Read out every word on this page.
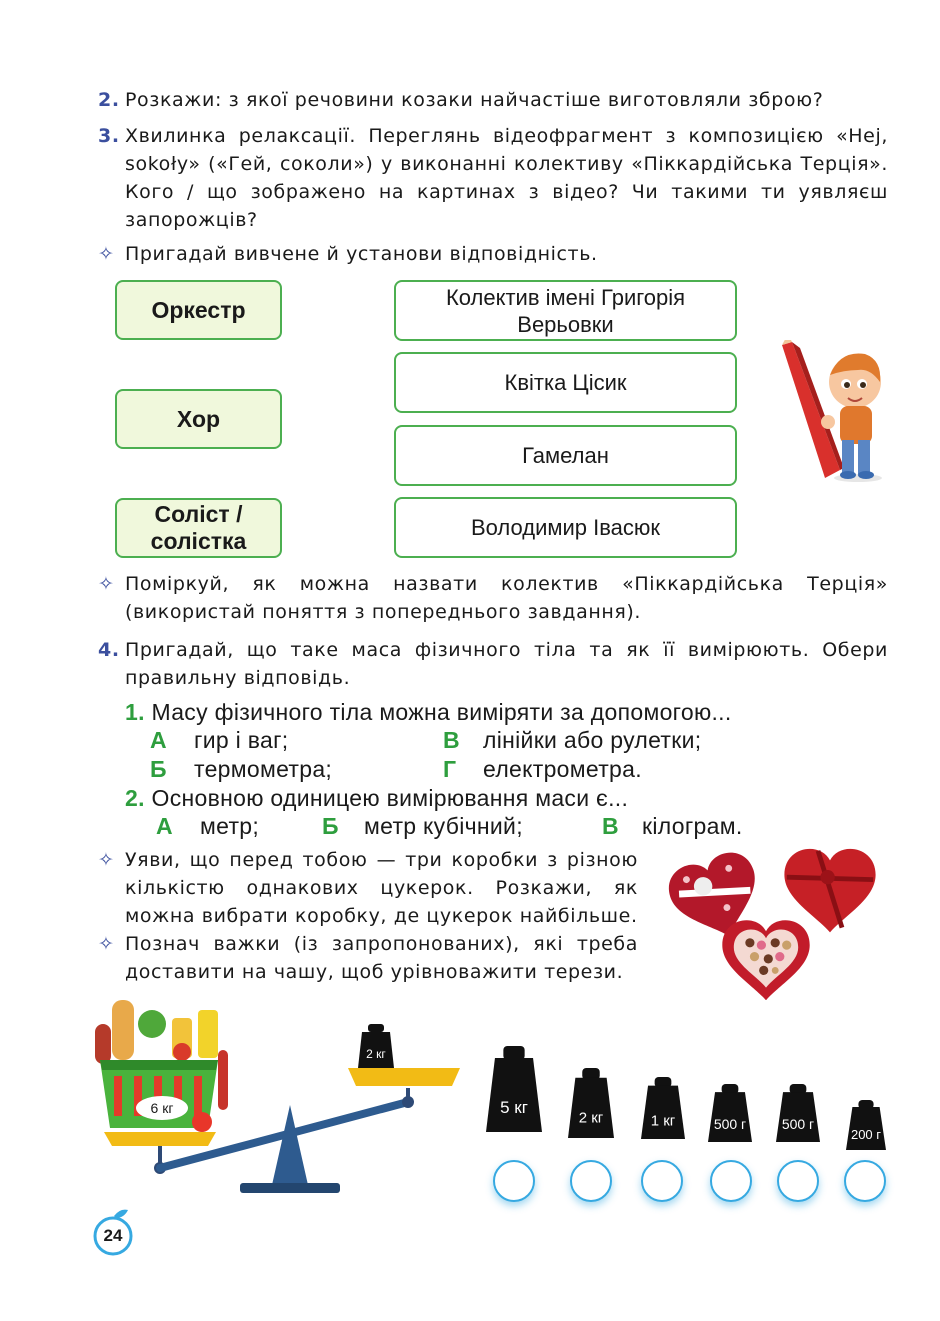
2. Розкажи: з якої речовини козаки найчастіше виготовляли зброю?
3. Хвилинка релаксації. Переглянь відеофрагмент з композицією «Hej, sokoły» («Гей, соколи») у виконанні колективу «Піккардійська Терція». Кого / що зображено на картинах з відео? Чи такими ти уявляєш запорожців?
✧ Пригадай вивчене й установи відповідність.
Оркестр
Хор
Соліст / солістка
Колектив імені Григорія Верьовки
Квітка Цісик
Гамелан
Володимир Івасюк
✧ Поміркуй, як можна назвати колектив «Піккардійська Терція» (використай поняття з попереднього завдання).
4. Пригадай, що таке маса фізичного тіла та як її вимірюють. Обери правильну відповідь.
1. Масу фізичного тіла можна виміряти за допомогою...
А гир і ваг;
Б термометра;
В лінійки або рулетки;
Г електрометра.
2. Основною одиницею вимірювання маси є...
А метр;	Б метр кубічний;	В кілограм.
✧ Уяви, що перед тобою — три коробки з різною кількістю однакових цукерок. Розкажи, як можна вибрати коробку, де цукерок найбільше.
✧ Познач важки (із запропонованих), які треба доставити на чашу, щоб урівноважити терези.
6 кг
2 кг
5 кг
2 кг	1 кг	500 г	500 г
200 г
24
